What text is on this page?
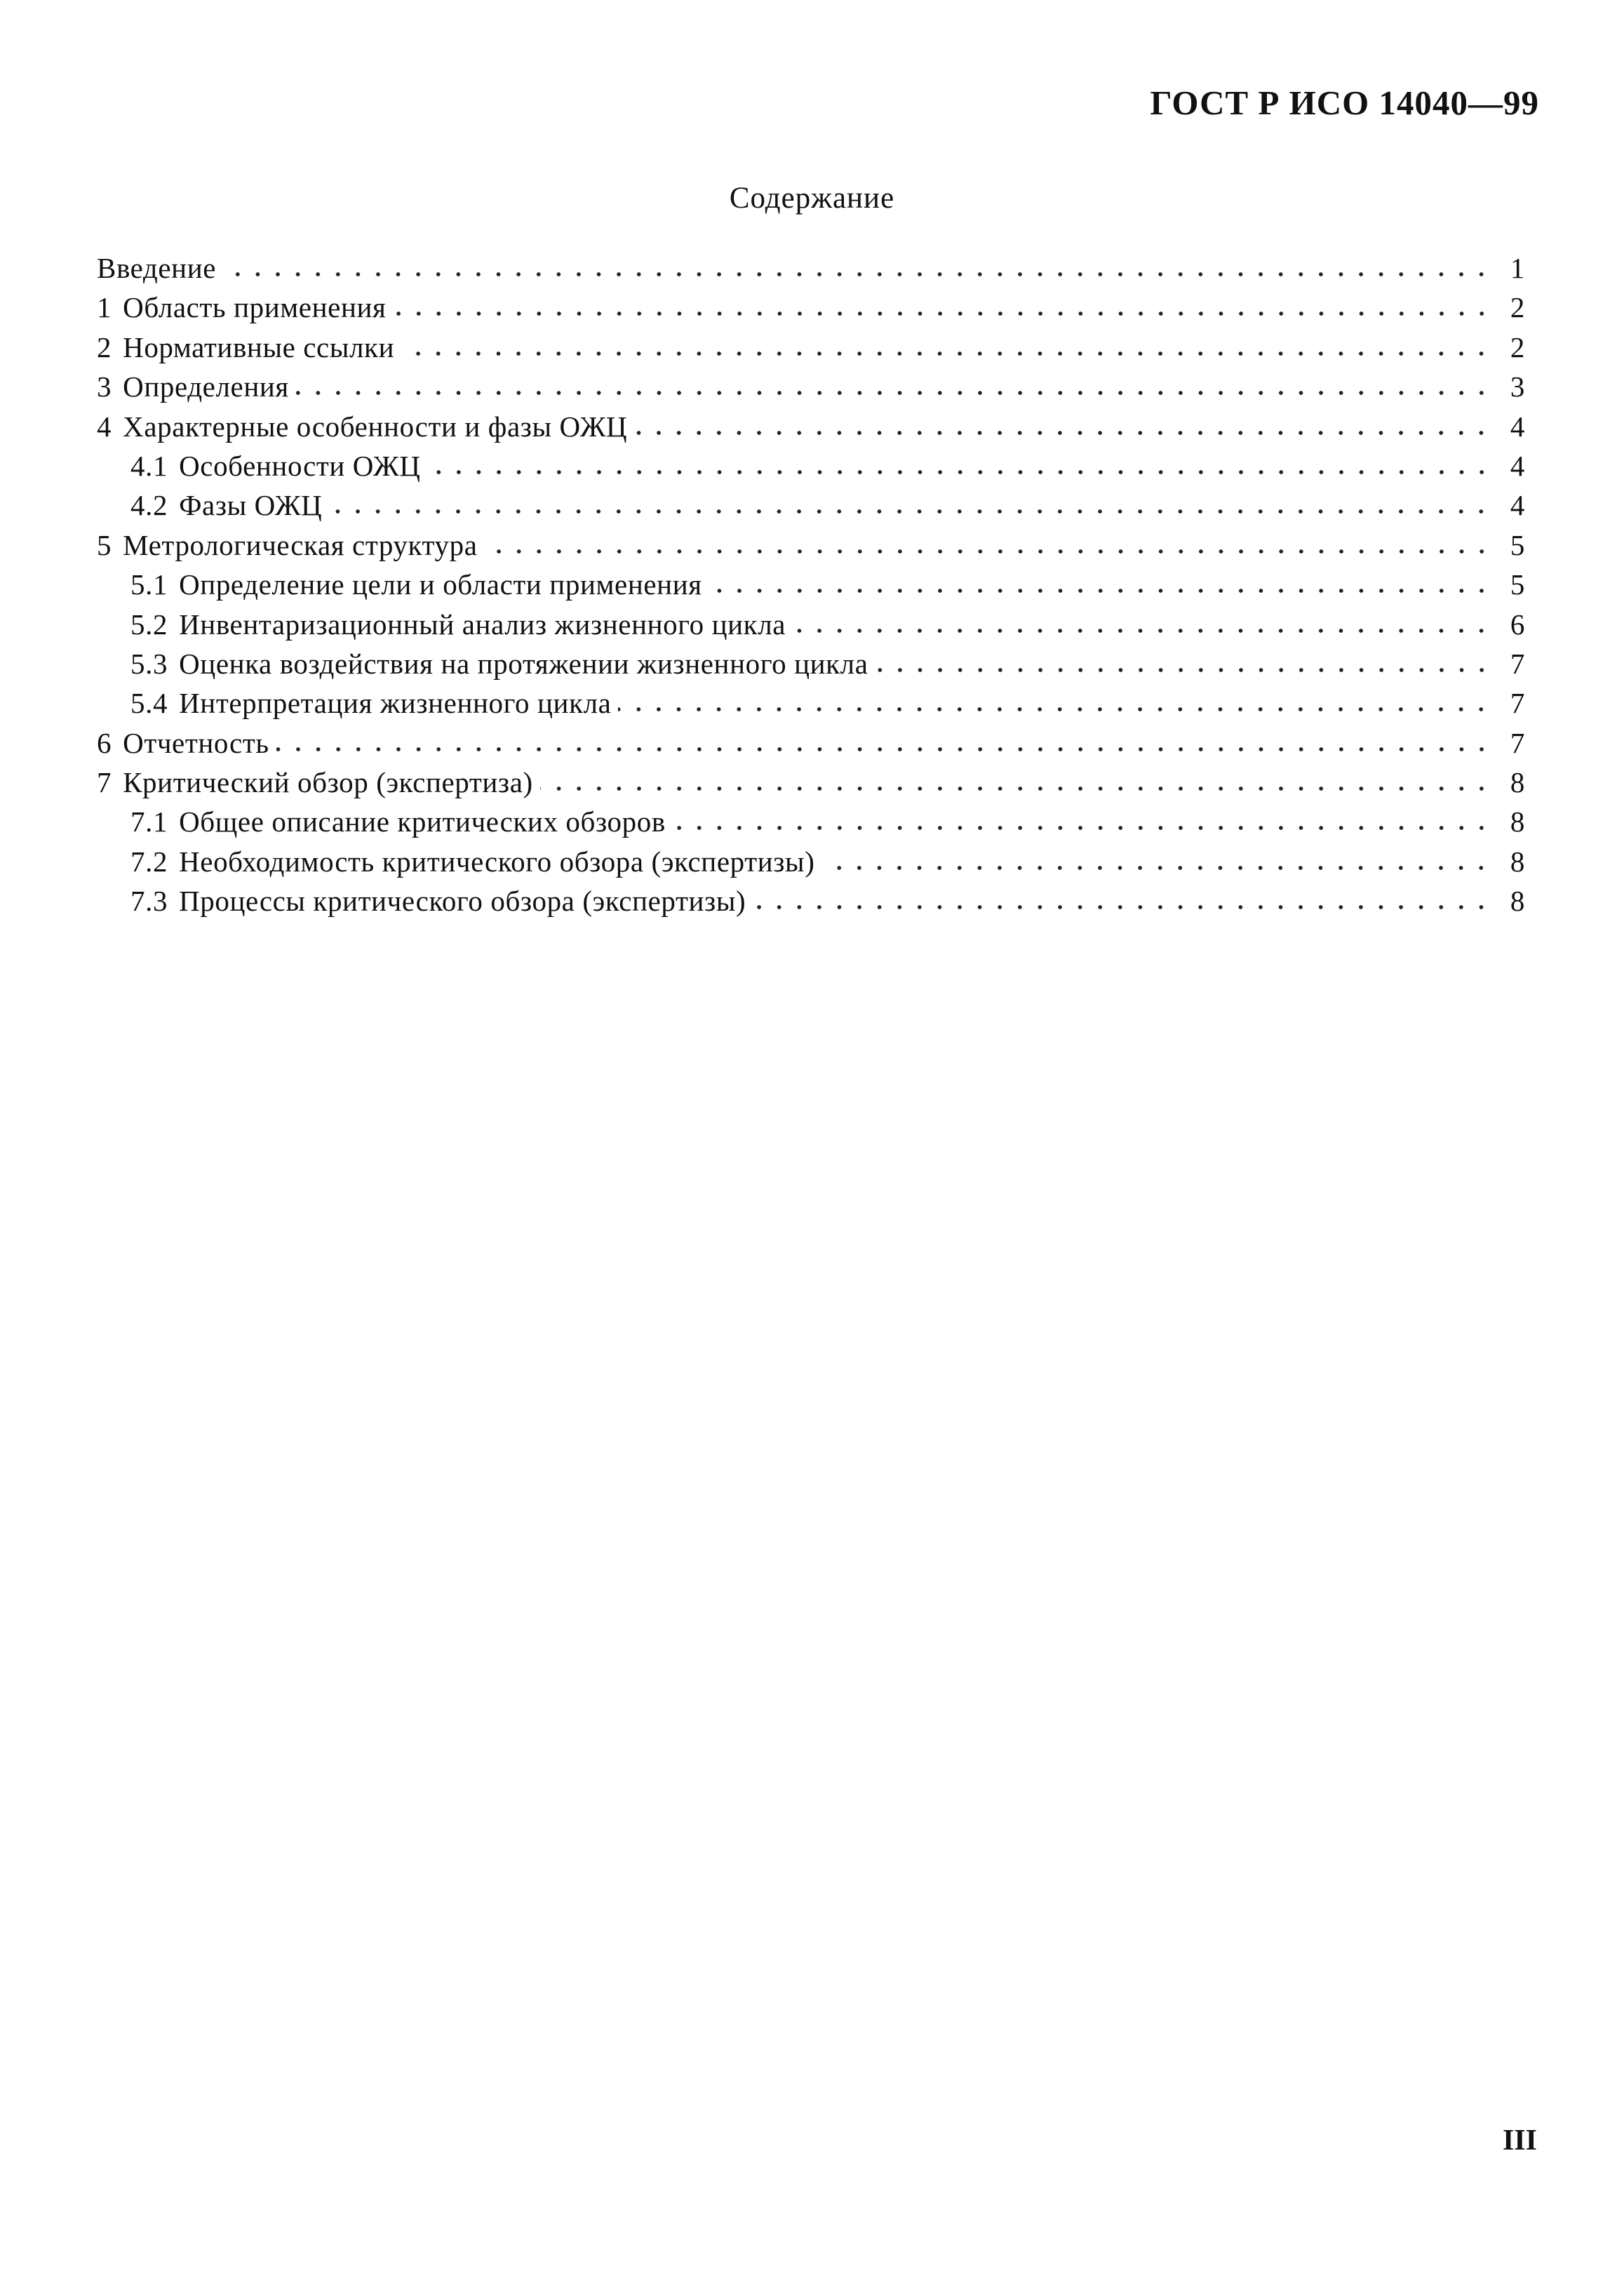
ГОСТ Р ИСО 14040—99
Содержание
Введение	1
1 Область применения	2
2 Нормативные ссылки	2
3 Определения	3
4 Характерные особенности и фазы ОЖЦ	4
4.1 Особенности ОЖЦ	4
4.2 Фазы ОЖЦ	4
5 Метрологическая структура	5
5.1 Определение цели и области применения	5
5.2 Инвентаризационный анализ жизненного цикла	6
5.3 Оценка воздействия на протяжении жизненного цикла	7
5.4 Интерпретация жизненного цикла	7
6 Отчетность	7
7 Критический обзор (экспертиза)	8
7.1 Общее описание критических обзоров	8
7.2 Необходимость критического обзора (экспертизы)	8
7.3 Процессы критического обзора (экспертизы)	8
III
